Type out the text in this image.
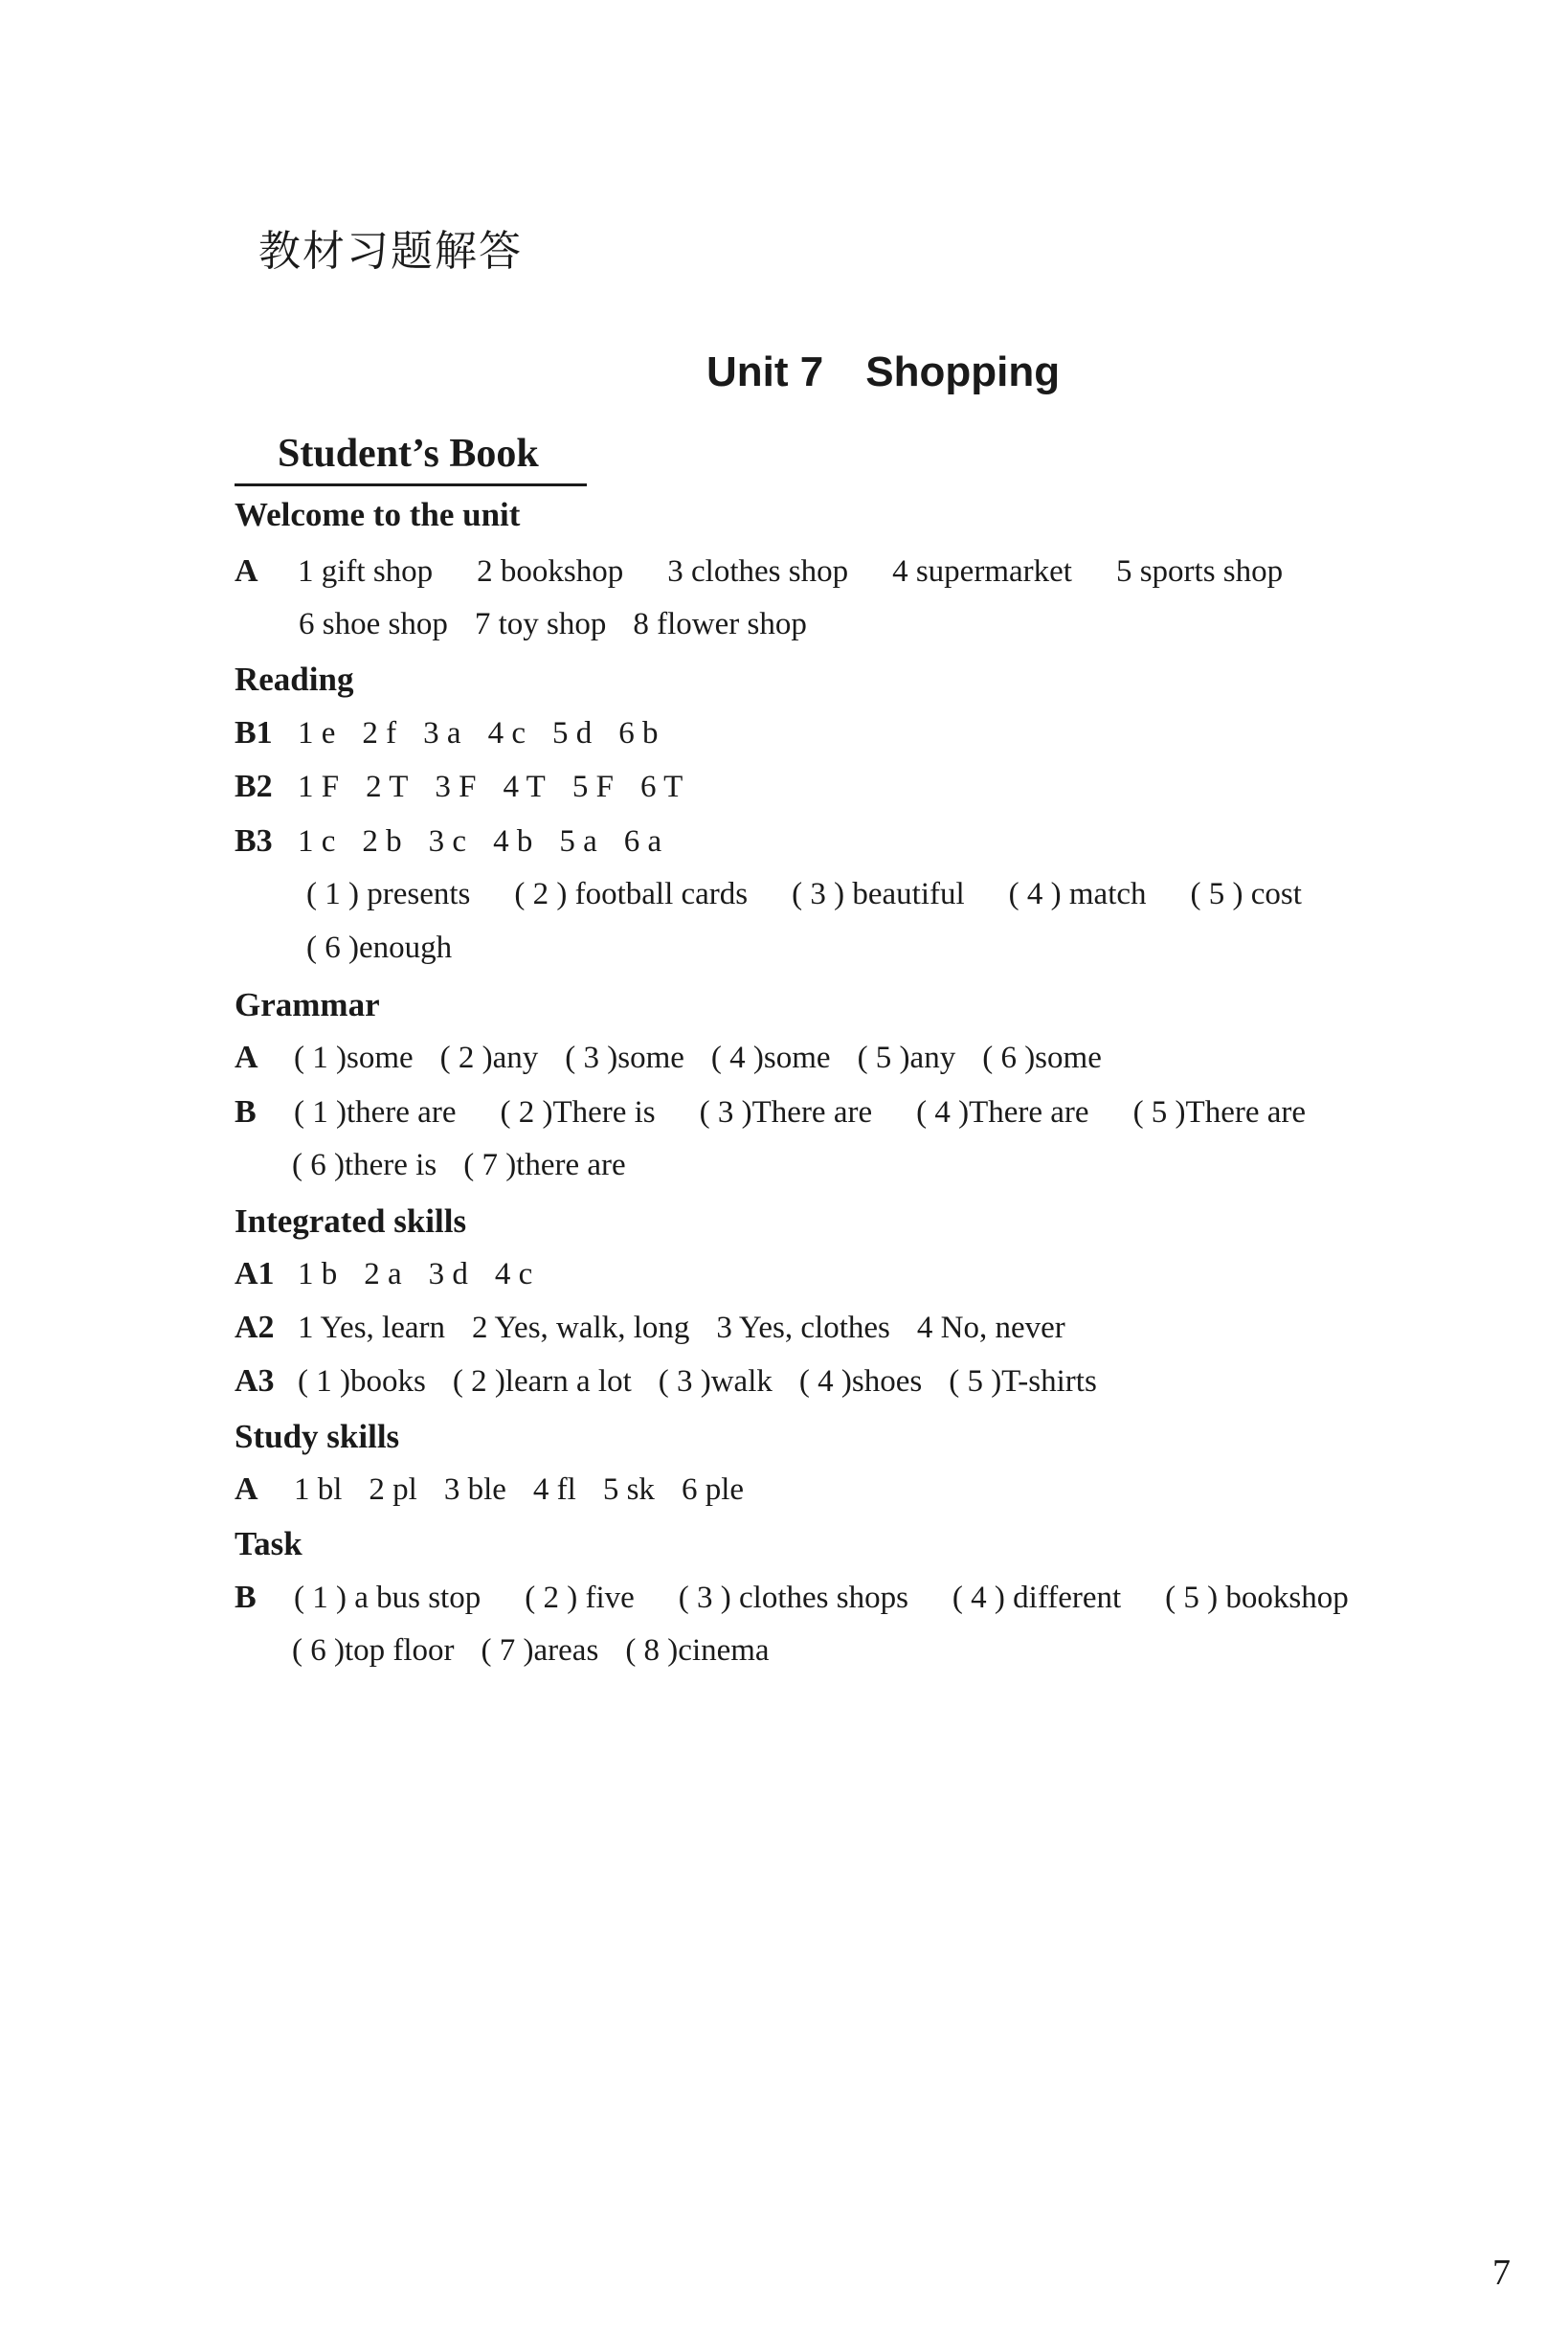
教材习题解答
Unit 7 Shopping
Student’s Book
Welcome to the unit
A 1 gift shop 2 bookshop 3 clothes shop 4 supermarket 5 sports shop
6 shoe shop 7 toy shop 8 flower shop
Reading
B1 1 e 2 f 3 a 4 c 5 d 6 b
B2 1 F 2 T 3 F 4 T 5 F 6 T
B3 1 c 2 b 3 c 4 b 5 a 6 a
( 1 ) presents ( 2 ) football cards ( 3 ) beautiful ( 4 ) match ( 5 ) cost
( 6 )enough
Grammar
A ( 1 )some ( 2 )any ( 3 )some ( 4 )some ( 5 )any ( 6 )some
B ( 1 )there are ( 2 )There is ( 3 )There are ( 4 )There are ( 5 )There are
( 6 )there is ( 7 )there are
Integrated skills
A1 1 b 2 a 3 d 4 c
A2 1 Yes, learn 2 Yes, walk, long 3 Yes, clothes 4 No, never
A3 ( 1 )books ( 2 )learn a lot ( 3 )walk ( 4 )shoes ( 5 )T-shirts
Study skills
A 1 bl 2 pl 3 ble 4 fl 5 sk 6 ple
Task
B ( 1 ) a bus stop ( 2 ) five ( 3 ) clothes shops ( 4 ) different ( 5 ) bookshop
( 6 )top floor ( 7 )areas ( 8 )cinema
7
